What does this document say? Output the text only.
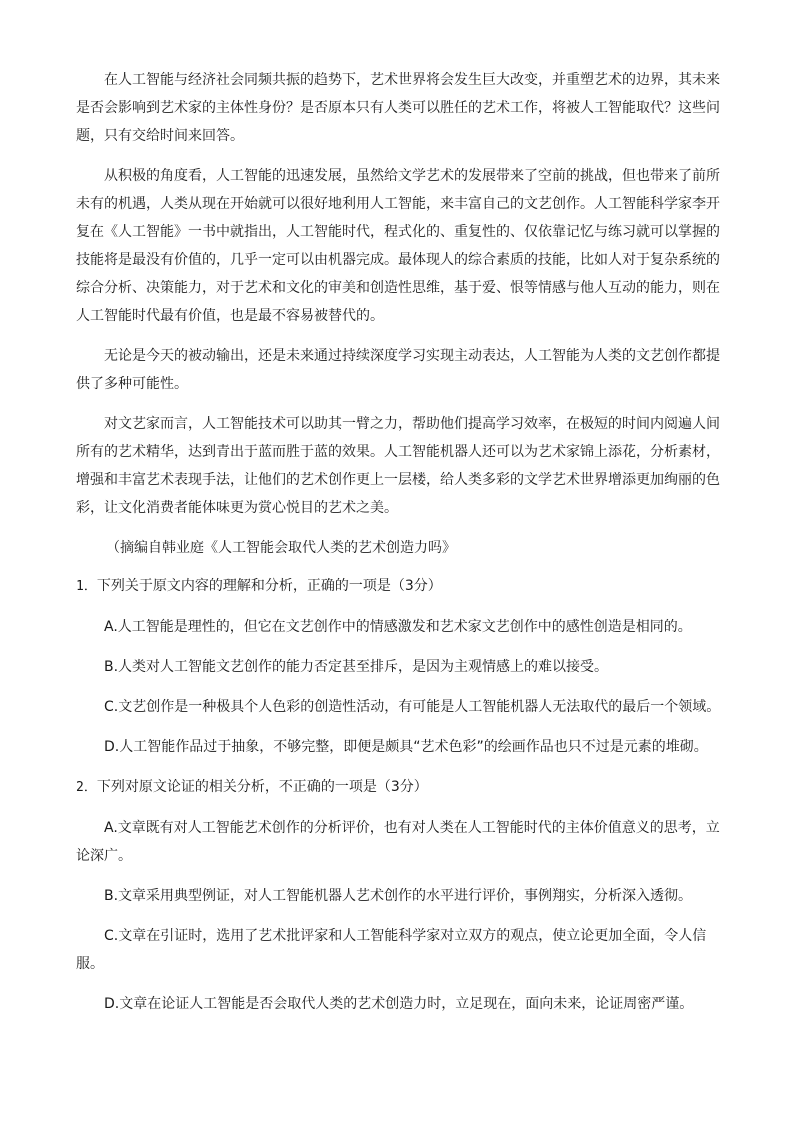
在人工智能与经济社会同频共振的趋势下，艺术世界将会发生巨大改变，并重塑艺术的边界，其未来是否会影响到艺术家的主体性身份？是否原本只有人类可以胜任的艺术工作，将被人工智能取代？这些问题，只有交给时间来回答。

从积极的角度看，人工智能的迅速发展，虽然给文学艺术的发展带来了空前的挑战，但也带来了前所未有的机遇，人类从现在开始就可以很好地利用人工智能，来丰富自己的文艺创作。人工智能科学家李开复在《人工智能》一书中就指出，人工智能时代，程式化的、重复性的、仅依靠记忆与练习就可以掌握的技能将是最没有价值的，几乎一定可以由机器完成。最体现人的综合素质的技能，比如人对于复杂系统的综合分析、决策能力，对于艺术和文化的审美和创造性思维，基于爱、恨等情感与他人互动的能力，则在人工智能时代最有价值，也是最不容易被替代的。

无论是今天的被动输出，还是未来通过持续深度学习实现主动表达，人工智能为人类的文艺创作都提供了多种可能性。

对文艺家而言，人工智能技术可以助其一臂之力，帮助他们提高学习效率，在极短的时间内阅遍人间所有的艺术精华，达到青出于蓝而胜于蓝的效果。人工智能机器人还可以为艺术家锦上添花，分析素材，增强和丰富艺术表现手法，让他们的艺术创作更上一层楼，给人类多彩的文学艺术世界增添更加绚丽的色彩，让文化消费者能体味更为赏心悦目的艺术之美。

（摘编自韩业庭《人工智能会取代人类的艺术创造力吗》

1．下列关于原文内容的理解和分析，正确的一项是（3分）

A.人工智能是理性的，但它在文艺创作中的情感激发和艺术家文艺创作中的感性创造是相同的。

B.人类对人工智能文艺创作的能力否定甚至排斥，是因为主观情感上的难以接受。

C.文艺创作是一种极具个人色彩的创造性活动，有可能是人工智能机器人无法取代的最后一个领域。

D.人工智能作品过于抽象，不够完整，即便是颇具“艺术色彩”的绘画作品也只不过是元素的堆砌。

2．下列对原文论证的相关分析，不正确的一项是（3分）

A.文章既有对人工智能艺术创作的分析评价，也有对人类在人工智能时代的主体价值意义的思考，立论深广。

B.文章采用典型例证，对人工智能机器人艺术创作的水平进行评价，事例翔实，分析深入透彻。

C.文章在引证时，选用了艺术批评家和人工智能科学家对立双方的观点，使立论更加全面，令人信服。

D.文章在论证人工智能是否会取代人类的艺术创造力时，立足现在，面向未来，论证周密严谨。
